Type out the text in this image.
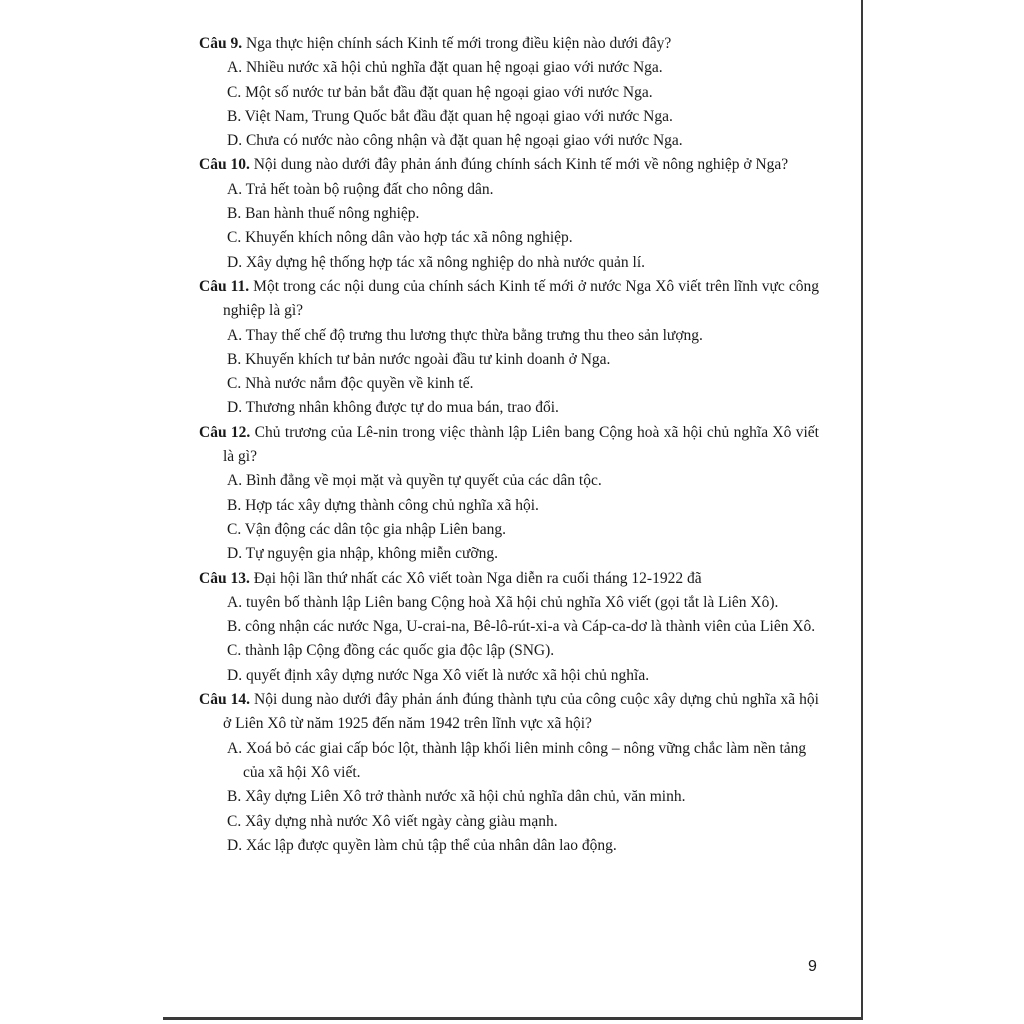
Câu 9. Nga thực hiện chính sách Kinh tế mới trong điều kiện nào dưới đây?

A. Nhiều nước xã hội chủ nghĩa đặt quan hệ ngoại giao với nước Nga.

C. Một số nước tư bản bắt đầu đặt quan hệ ngoại giao với nước Nga.

B. Việt Nam, Trung Quốc bắt đầu đặt quan hệ ngoại giao với nước Nga.

D. Chưa có nước nào công nhận và đặt quan hệ ngoại giao với nước Nga.

Câu 10. Nội dung nào dưới đây phản ánh đúng chính sách Kinh tế mới về nông nghiệp ở Nga?

A. Trả hết toàn bộ ruộng đất cho nông dân.

B. Ban hành thuế nông nghiệp.

C. Khuyến khích nông dân vào hợp tác xã nông nghiệp.

D. Xây dựng hệ thống hợp tác xã nông nghiệp do nhà nước quản lí.

Câu 11. Một trong các nội dung của chính sách Kinh tế mới ở nước Nga Xô viết trên lĩnh vực công nghiệp là gì?

A. Thay thế chế độ trưng thu lương thực thừa bằng trưng thu theo sản lượng.

B. Khuyến khích tư bản nước ngoài đầu tư kinh doanh ở Nga.

C. Nhà nước nắm độc quyền về kinh tế.

D. Thương nhân không được tự do mua bán, trao đổi.

Câu 12. Chủ trương của Lê-nin trong việc thành lập Liên bang Cộng hoà xã hội chủ nghĩa Xô viết là gì?

A. Bình đẳng về mọi mặt và quyền tự quyết của các dân tộc.

B. Hợp tác xây dựng thành công chủ nghĩa xã hội.

C. Vận động các dân tộc gia nhập Liên bang.

D. Tự nguyện gia nhập, không miễn cưỡng.

Câu 13. Đại hội lần thứ nhất các Xô viết toàn Nga diễn ra cuối tháng 12-1922 đã

A. tuyên bố thành lập Liên bang Cộng hoà Xã hội chủ nghĩa Xô viết (gọi tắt là Liên Xô).

B. công nhận các nước Nga, U-crai-na, Bê-lô-rút-xi-a và Cáp-ca-dơ là thành viên của Liên Xô.

C. thành lập Cộng đồng các quốc gia độc lập (SNG).

D. quyết định xây dựng nước Nga Xô viết là nước xã hội chủ nghĩa.

Câu 14. Nội dung nào dưới đây phản ánh đúng thành tựu của công cuộc xây dựng chủ nghĩa xã hội ở Liên Xô từ năm 1925 đến năm 1942 trên lĩnh vực xã hội?

A. Xoá bỏ các giai cấp bóc lột, thành lập khối liên minh công – nông vững chắc làm nền tảng của xã hội Xô viết.

B. Xây dựng Liên Xô trở thành nước xã hội chủ nghĩa dân chủ, văn minh.

C. Xây dựng nhà nước Xô viết ngày càng giàu mạnh.

D. Xác lập được quyền làm chủ tập thể của nhân dân lao động.

9
